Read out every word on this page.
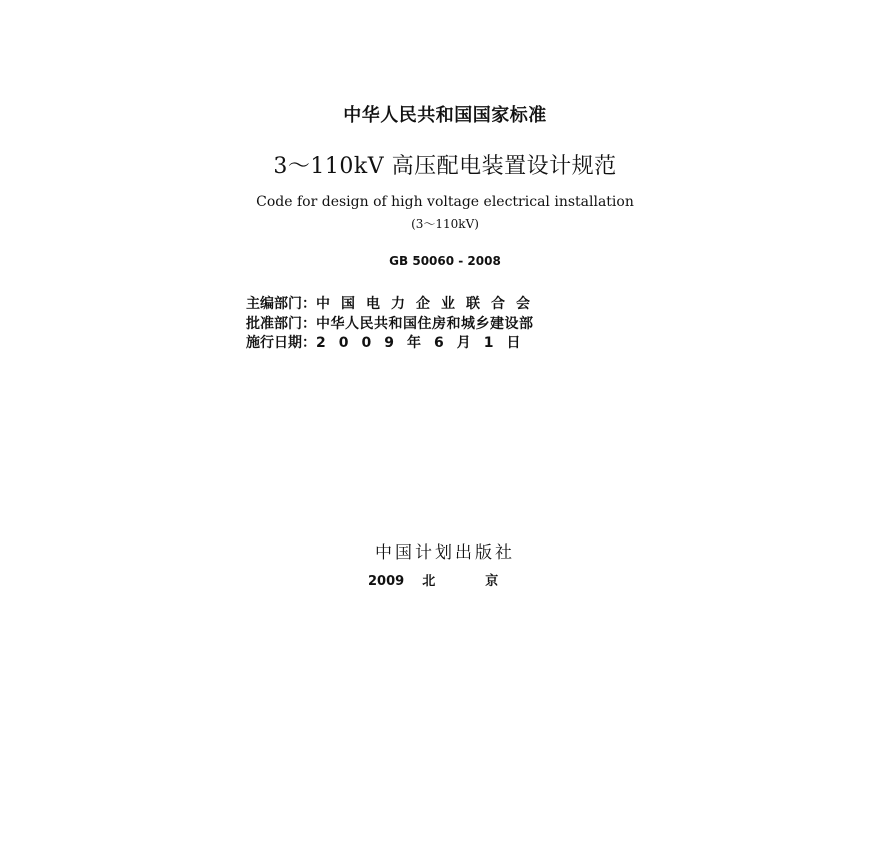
中华人民共和国国家标准
3～110kV 高压配电装置设计规范
Code for design of high voltage electrical installation
(3～110kV)
GB 50060 - 2008
主编部门：中国电力企业联合会
批准部门：中华人民共和国住房和城乡建设部
施行日期：2009年6月1日
中国计划出版社
2009 北京
